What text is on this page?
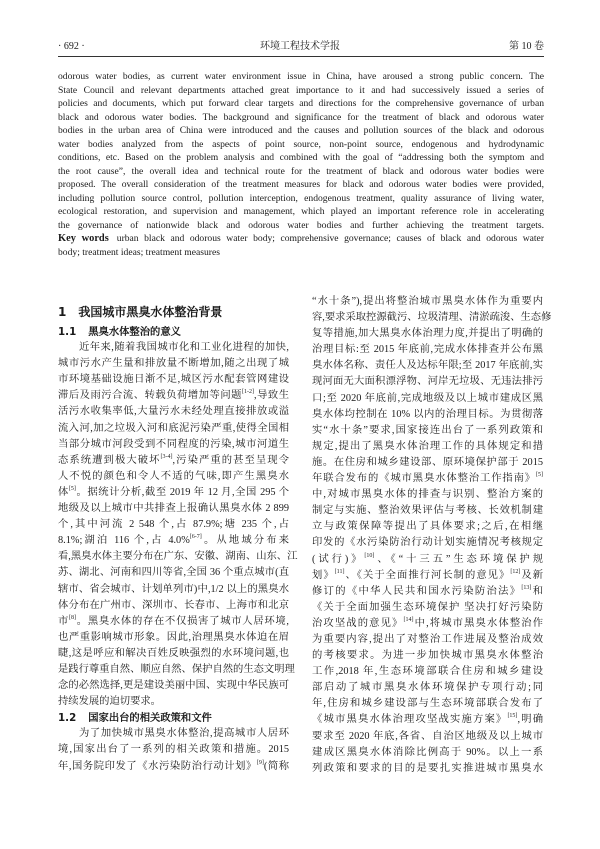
· 692 ·	环境工程技术学报	第 10 卷
odorous water bodies, as current water environment issue in China, have aroused a strong public concern. The
State Council and relevant departments attached great importance to it and had successively issued a series of
policies and documents, which put forward clear targets and directions for the comprehensive governance of urban
black and odorous water bodies. The background and significance for the treatment of black and odorous water
bodies in the urban area of China were introduced and the causes and pollution sources of the black and odorous
water bodies analyzed from the aspects of point source, non-point source, endogenous and hydrodynamic
conditions, etc. Based on the problem analysis and combined with the goal of “addressing both the symptom and
the root cause”, the overall idea and technical route for the treatment of black and odorous water bodies were
proposed. The overall consideration of the treatment measures for black and odorous water bodies were provided,
including pollution source control, pollution interception, endogenous treatment, quality assurance of living water,
ecological restoration, and supervision and management, which played an important reference role in accelerating
the governance of nationwide black and odorous water bodies and further achieving the treatment targets.
Key words urban black and odorous water body; comprehensive governance; causes of black and odorous water
body; treatment ideas; treatment measures
1 我国城市黑臭水体整治背景
1.1 黑臭水体整治的意义
近年来,随着我国城市化和工业化进程的加快,
城市污水产生量和排放量不断增加,随之出现了城
市环境基础设施日渐不足,城区污水配套管网建设
滞后及雨污合流、转载负荷增加等问题[1-2],导致生
活污水收集率低,大量污水未经处理直接排放或溢
流入河,加之垃圾入河和底泥污染严重,使得全国相
当部分城市河段受到不同程度的污染,城市河道生
态系统遭到极大破坏[3-4],污染严重的甚至呈现令
人不悦的颜色和令人不适的气味,即产生黑臭水
体[5]。据统计分析,截至 2019 年 12 月,全国 295 个
地级及以上城市中共排查上报确认黑臭水体 2 899
个,其中河流 2 548 个,占 87.9%;塘 235 个,占
8.1%;湖泊 116 个,占 4.0%[6-7]。从地域分布来
看,黑臭水体主要分布在广东、安徽、湖南、山东、江
苏、湖北、河南和四川等省,全国 36 个重点城市(直
辖市、省会城市、计划单列市)中,1/2 以上的黑臭水
体分布在广州市、深圳市、长春市、上海市和北京
市[8]。黑臭水体的存在不仅损害了城市人居环境,
也严重影响城市形象。因此,治理黑臭水体迫在眉
睫,这是呼应和解决百姓反映强烈的水环境问题,也
是践行尊重自然、顺应自然、保护自然的生态文明理
念的必然选择,更是建设美丽中国、实现中华民族可
持续发展的迫切要求。
1.2 国家出台的相关政策和文件
为了加快城市黑臭水体整治,提高城市人居环
境,国家出台了一系列的相关政策和措施。2015
年,国务院印发了《水污染防治行动计划》[9](简称
“水十条”),提出将整治城市黑臭水体作为重要内
容,要求采取控源截污、垃圾清理、清淤疏浚、生态修
复等措施,加大黑臭水体治理力度,并提出了明确的
治理目标:至 2015 年底前,完成水体排查并公布黑
臭水体名称、责任人及达标年限;至 2017 年底前,实
现河面无大面积漂浮物、河岸无垃圾、无违法排污
口;至 2020 年底前,完成地级及以上城市建成区黑
臭水体均控制在 10% 以内的治理目标。为贯彻落
实“水十条”要求,国家接连出台了一系列政策和
规定,提出了黑臭水体治理工作的具体规定和措
施。在住房和城乡建设部、原环境保护部于 2015
年联合发布的《城市黑臭水体整治工作指南》[5]
中,对城市黑臭水体的排查与识别、整治方案的
制定与实施、整治效果评估与考核、长效机制建
立与政策保障等提出了具体要求;之后,在相继
印发的《水污染防治行动计划实施情况考核规定
(试行)》[10]、《“十三五”生态环境保护规
划》[11]、《关于全面推行河长制的意见》[12]及新
修订的《中华人民共和国水污染防治法》[13]和
《关于全面加强生态环境保护 坚决打好污染防
治攻坚战的意见》[14]中,将城市黑臭水体整治作
为重要内容,提出了对整治工作进展及整治成效
的考核要求。为进一步加快城市黑臭水体整治
工作,2018 年,生态环境部联合住房和城乡建设
部启动了城市黑臭水体环境保护专项行动;同
年,住房和城乡建设部与生态环境部联合发布了
《城市黑臭水体治理攻坚战实施方案》[15],明确
要求至 2020 年底,各省、自治区地级及以上城市
建成区黑臭水体消除比例高于 90%。以上一系
列政策和要求的目的是要扎实推进城市黑臭水
